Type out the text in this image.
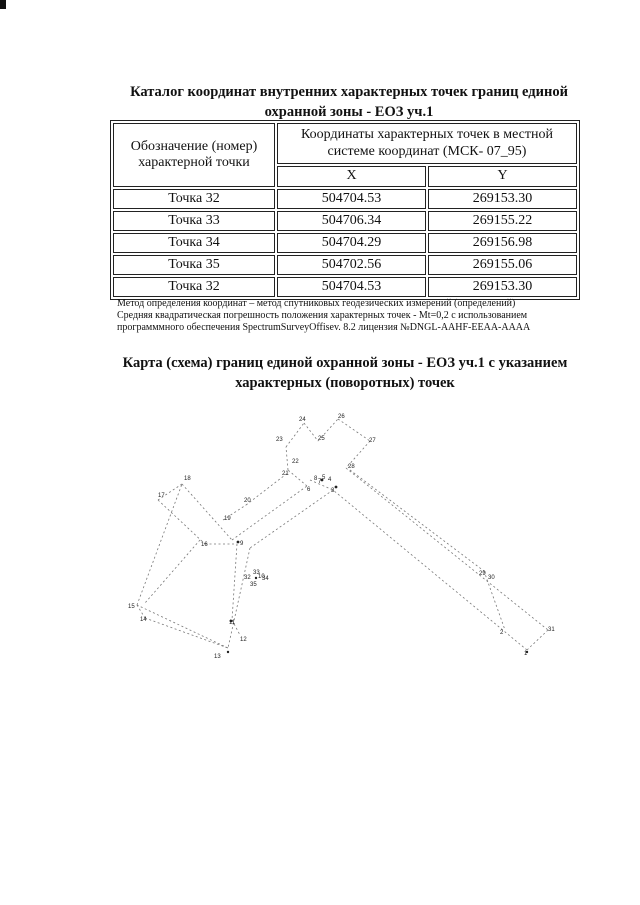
Каталог координат внутренних характерных точек границ единой охранной зоны - ЕОЗ уч.1
Обозначение (номер) характерной точки	Координаты характерных точек в местной системе координат (МСК- 07_95)	
	X	Y
Точка 32	504704.53	269153.30
Точка 33	504706.34	269155.22
Точка 34	504704.29	269156.98
Точка 35	504702.56	269155.06
Точка 32	504704.53	269153.30
Метод определения координат – метод спутниковых геодезических измерений (определений)
Средняя квадратическая погрешность положения характерных точек - Mt=0,2 с использованием программмного обеспечения SpectrumSurveyOffisev. 8.2 лицензия №DNGL-AAHF-EEAA-AAAA
Карта (схема) границ единой охранной зоны - ЕОЗ уч.1 с указанием характерных (поворотных) точек
1
2
3
4
5
6
7
8
9
10
11
12
13
14
15
16
17
18
19
20
21
22
23
24
25
26
27
28
29
30
31
32
33
34
35
